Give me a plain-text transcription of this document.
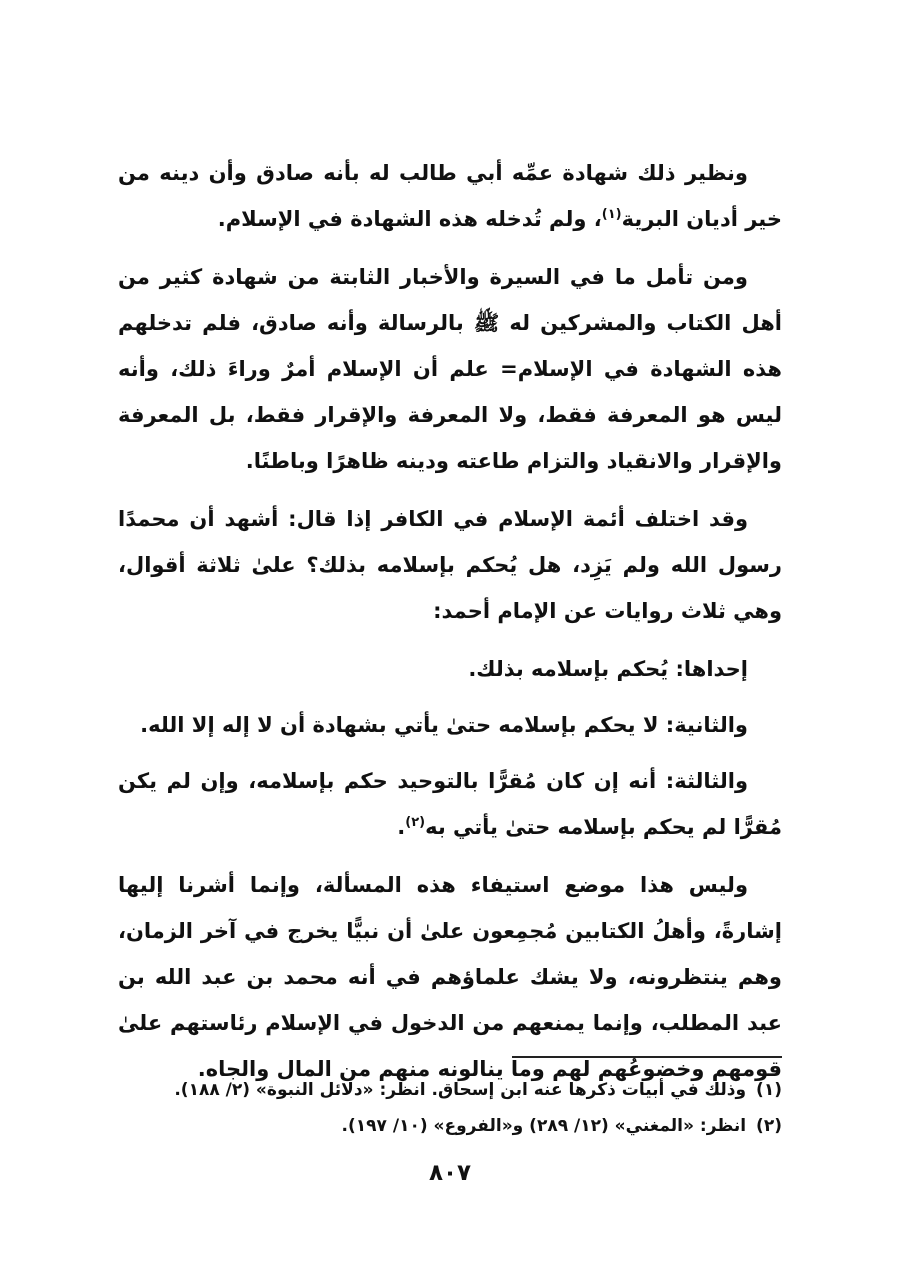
ونظير ذلك شهادة عمِّه أبي طالب له بأنه صادق وأن دينه من خير أديان البرية$^{(١)}$، ولم تُدخله هذه الشهادة في الإسلام.

ومن تأمل ما في السيرة والأخبار الثابتة من شهادة كثير من أهل الكتاب والمشركين له ﷺ بالرسالة وأنه صادق، فلم تدخلهم هذه الشهادة في الإسلام= علم أن الإسلام أمرٌ وراءَ ذلك، وأنه ليس هو المعرفة فقط، ولا المعرفة والإقرار فقط، بل المعرفة والإقرار والانقياد والتزام طاعته ودينه ظاهرًا وباطنًا.

وقد اختلف أئمة الإسلام في الكافر إذا قال: أشهد أن محمدًا رسول الله ولم يَزِد، هل يُحكم بإسلامه بذلك؟ علىٰ ثلاثة أقوال، وهي ثلاث روايات عن الإمام أحمد:

إحداها: يُحكم بإسلامه بذلك.

والثانية: لا يحكم بإسلامه حتىٰ يأتي بشهادة أن لا إله إلا الله.

والثالثة: أنه إن كان مُقرًّا بالتوحيد حكم بإسلامه، وإن لم يكن مُقرًّا لم يحكم بإسلامه حتىٰ يأتي به$^{(٢)}$.

وليس هذا موضع استيفاء هذه المسألة، وإنما أشرنا إليها إشارةً، وأهلُ الكتابين مُجمِعون علىٰ أن نبيًّا يخرج في آخر الزمان، وهم ينتظرونه، ولا يشك علماؤهم في أنه محمد بن عبد الله بن عبد المطلب، وإنما يمنعهم من الدخول في الإسلام رئاستهم علىٰ قومهم وخضوعُهم لهم وما ينالونه منهم من المال والجاه.

(١)
وذلك في أبيات ذكرها عنه ابن إسحاق. انظر: «دلائل النبوة» (٢/ ١٨٨).
(٢)
انظر: «المغني» (١٢/ ٢٨٩) و«الفروع» (١٠/ ١٩٧).
٨٠٧
